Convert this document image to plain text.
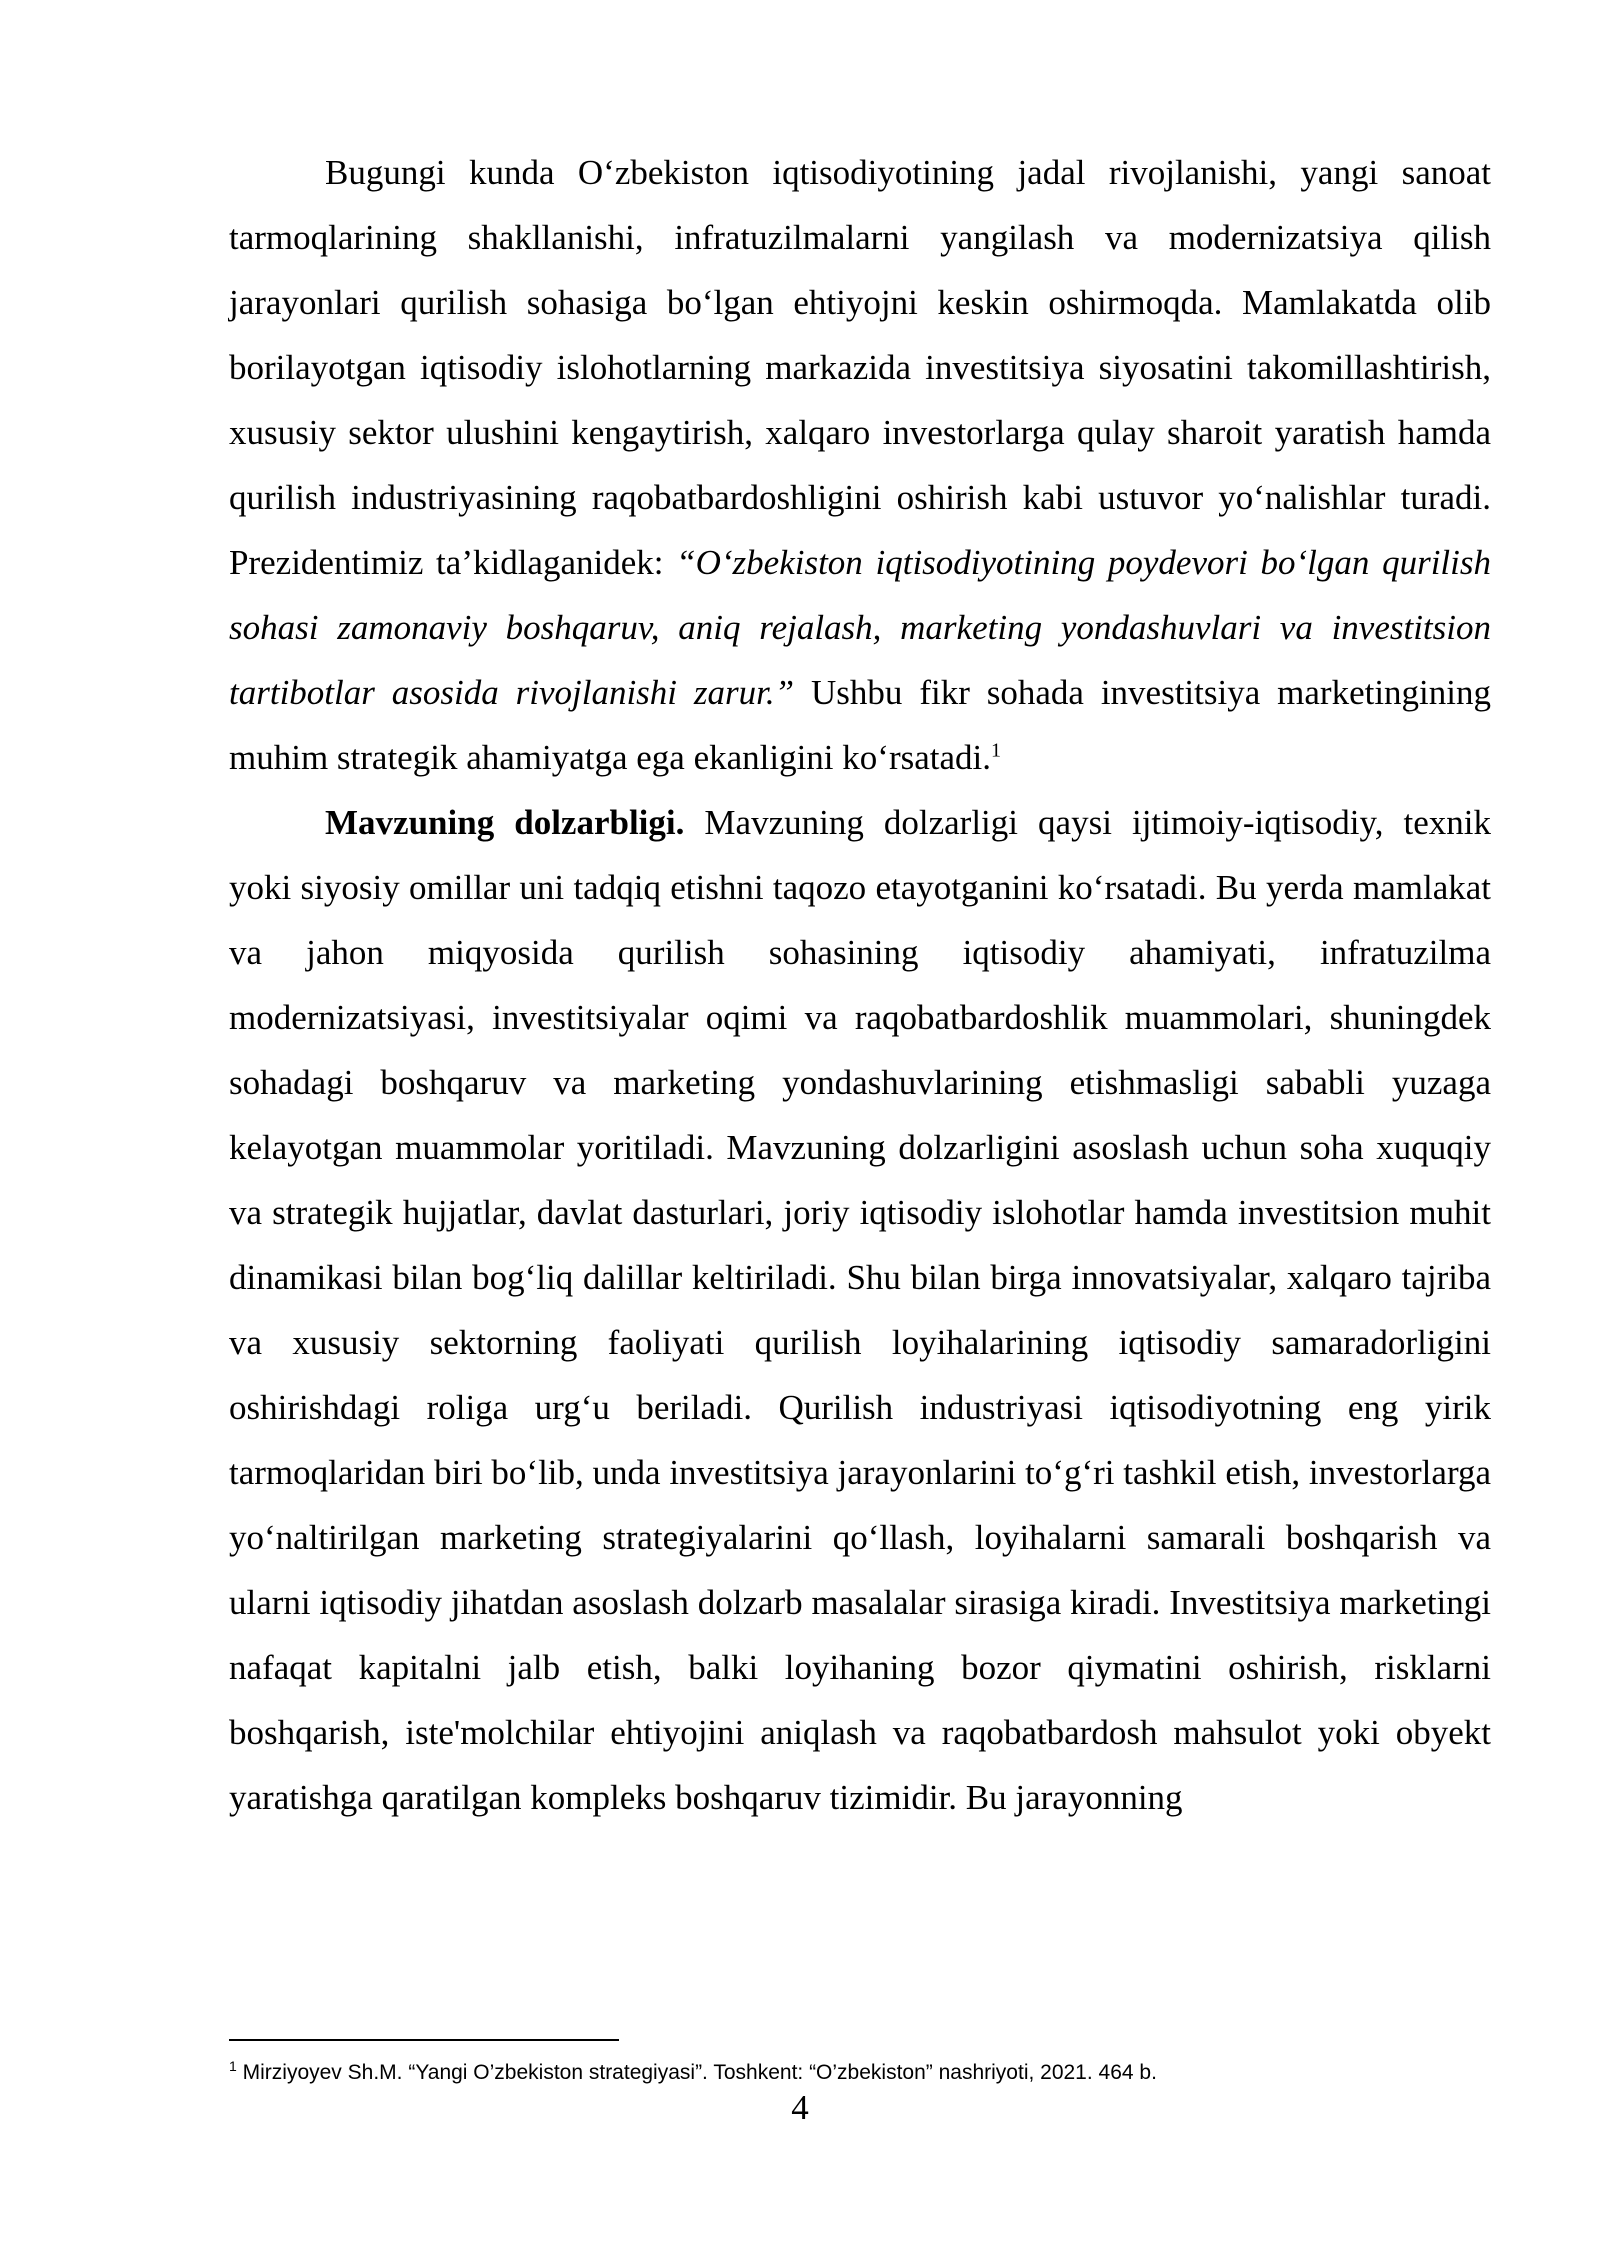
Bugungi kunda O‘zbekiston iqtisodiyotining jadal rivojlanishi, yangi sanoat tarmoqlarining shakllanishi, infratuzilmalarni yangilash va modernizatsiya qilish jarayonlari qurilish sohasiga bo‘lgan ehtiyojni keskin oshirmoqda. Mamlakatda olib borilayotgan iqtisodiy islohotlarning markazida investitsiya siyosatini takomillashtirish, xususiy sektor ulushini kengaytirish, xalqaro investorlarga qulay sharoit yaratish hamda qurilish industriyasining raqobatbardoshligini oshirish kabi ustuvor yo‘nalishlar turadi. Prezidentimiz ta’kidlaganidek: “O‘zbekiston iqtisodiyotining poydevori bo‘lgan qurilish sohasi zamonaviy boshqaruv, aniq rejalash, marketing yondashuvlari va investitsion tartibotlar asosida rivojlanishi zarur.” Ushbu fikr sohada investitsiya marketingining muhim strategik ahamiyatga ega ekanligini ko‘rsatadi.$^1$

Mavzuning dolzarbligi. Mavzuning dolzarligi qaysi ijtimoiy-iqtisodiy, texnik yoki siyosiy omillar uni tadqiq etishni taqozo etayotganini ko‘rsatadi. Bu yerda mamlakat va jahon miqyosida qurilish sohasining iqtisodiy ahamiyati, infratuzilma modernizatsiyasi, investitsiyalar oqimi va raqobatbardoshlik muammolari, shuningdek sohadagi boshqaruv va marketing yondashuvlarining etishmasligi sababli yuzaga kelayotgan muammolar yoritiladi. Mavzuning dolzarligini asoslash uchun soha xuquqiy va strategik hujjatlar, davlat dasturlari, joriy iqtisodiy islohotlar hamda investitsion muhit dinamikasi bilan bog‘liq dalillar keltiriladi. Shu bilan birga innovatsiyalar, xalqaro tajriba va xususiy sektorning faoliyati qurilish loyihalarining iqtisodiy samaradorligini oshirishdagi roliga urg‘u beriladi. Qurilish industriyasi iqtisodiyotning eng yirik tarmoqlaridan biri bo‘lib, unda investitsiya jarayonlarini to‘g‘ri tashkil etish, investorlarga yo‘naltirilgan marketing strategiyalarini qo‘llash, loyihalarni samarali boshqarish va ularni iqtisodiy jihatdan asoslash dolzarb masalalar sirasiga kiradi. Investitsiya marketingi nafaqat kapitalni jalb etish, balki loyihaning bozor qiymatini oshirish, risklarni boshqarish, iste'molchilar ehtiyojini aniqlash va raqobatbardosh mahsulot yoki obyekt yaratishga qaratilgan kompleks boshqaruv tizimidir. Bu jarayonning

$^1$ Mirziyoyev Sh.M. “Yangi O’zbekiston strategiyasi”. Toshkent: “O’zbekiston” nashriyoti, 2021. 464 b.
4
